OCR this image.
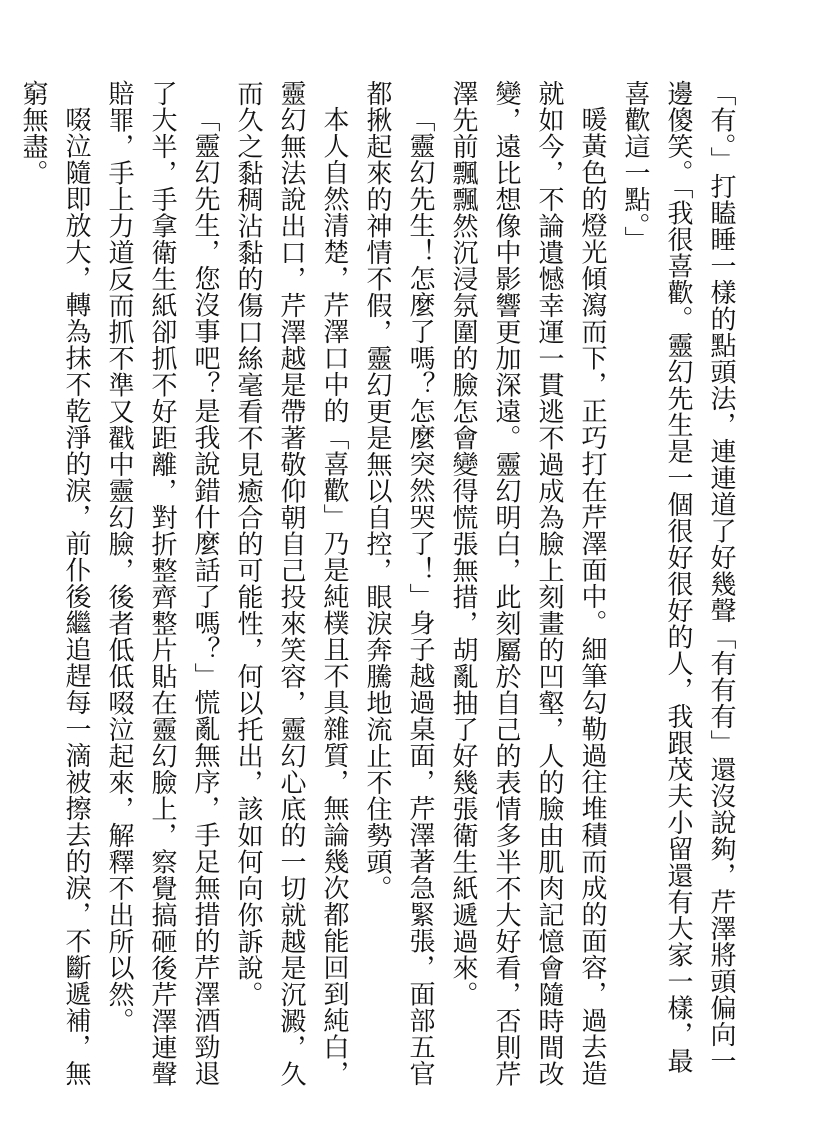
「有。」打瞌睡一樣的點頭法，連連道了好幾聲「有有有」還沒說夠，芹澤將頭偏向一邊傻笑。「我很喜歡。靈幻先生是一個很好很好的人，我跟茂夫小留還有大家一樣，最喜歡這一點。」

暖黃色的燈光傾瀉而下，正巧打在芹澤面中。細筆勾勒過往堆積而成的面容，過去造就如今，不論遺憾幸運一貫逃不過成為臉上刻畫的凹壑，人的臉由肌肉記憶會隨時間改變，遠比想像中影響更加深遠。靈幻明白，此刻屬於自己的表情多半不大好看，否則芹澤先前飄飄然沉浸氛圍的臉怎會變得慌張無措，胡亂抽了好幾張衛生紙遞過來。

「靈幻先生！怎麼了嗎？怎麼突然哭了！」身子越過桌面，芹澤著急緊張，面部五官都揪起來的神情不假，靈幻更是無以自控，眼淚奔騰地流止不住勢頭。

本人自然清楚，芹澤口中的「喜歡」乃是純樸且不具雜質，無論幾次都能回到純白，靈幻無法說出口，芹澤越是帶著敬仰朝自己投來笑容，靈幻心底的一切就越是沉澱，久而久之黏稠沾黏的傷口絲毫看不見癒合的可能性，何以托出，該如何向你訴說。

「靈幻先生，您沒事吧？是我說錯什麼話了嗎？」慌亂無序，手足無措的芹澤酒勁退了大半，手拿衛生紙卻抓不好距離，對折整齊整片貼在靈幻臉上，察覺搞砸後芹澤連聲賠罪，手上力道反而抓不準又戳中靈幻臉，後者低低啜泣起來，解釋不出所以然。

啜泣隨即放大，轉為抹不乾淨的淚，前仆後繼追趕每一滴被擦去的淚，不斷遞補，無窮無盡。
